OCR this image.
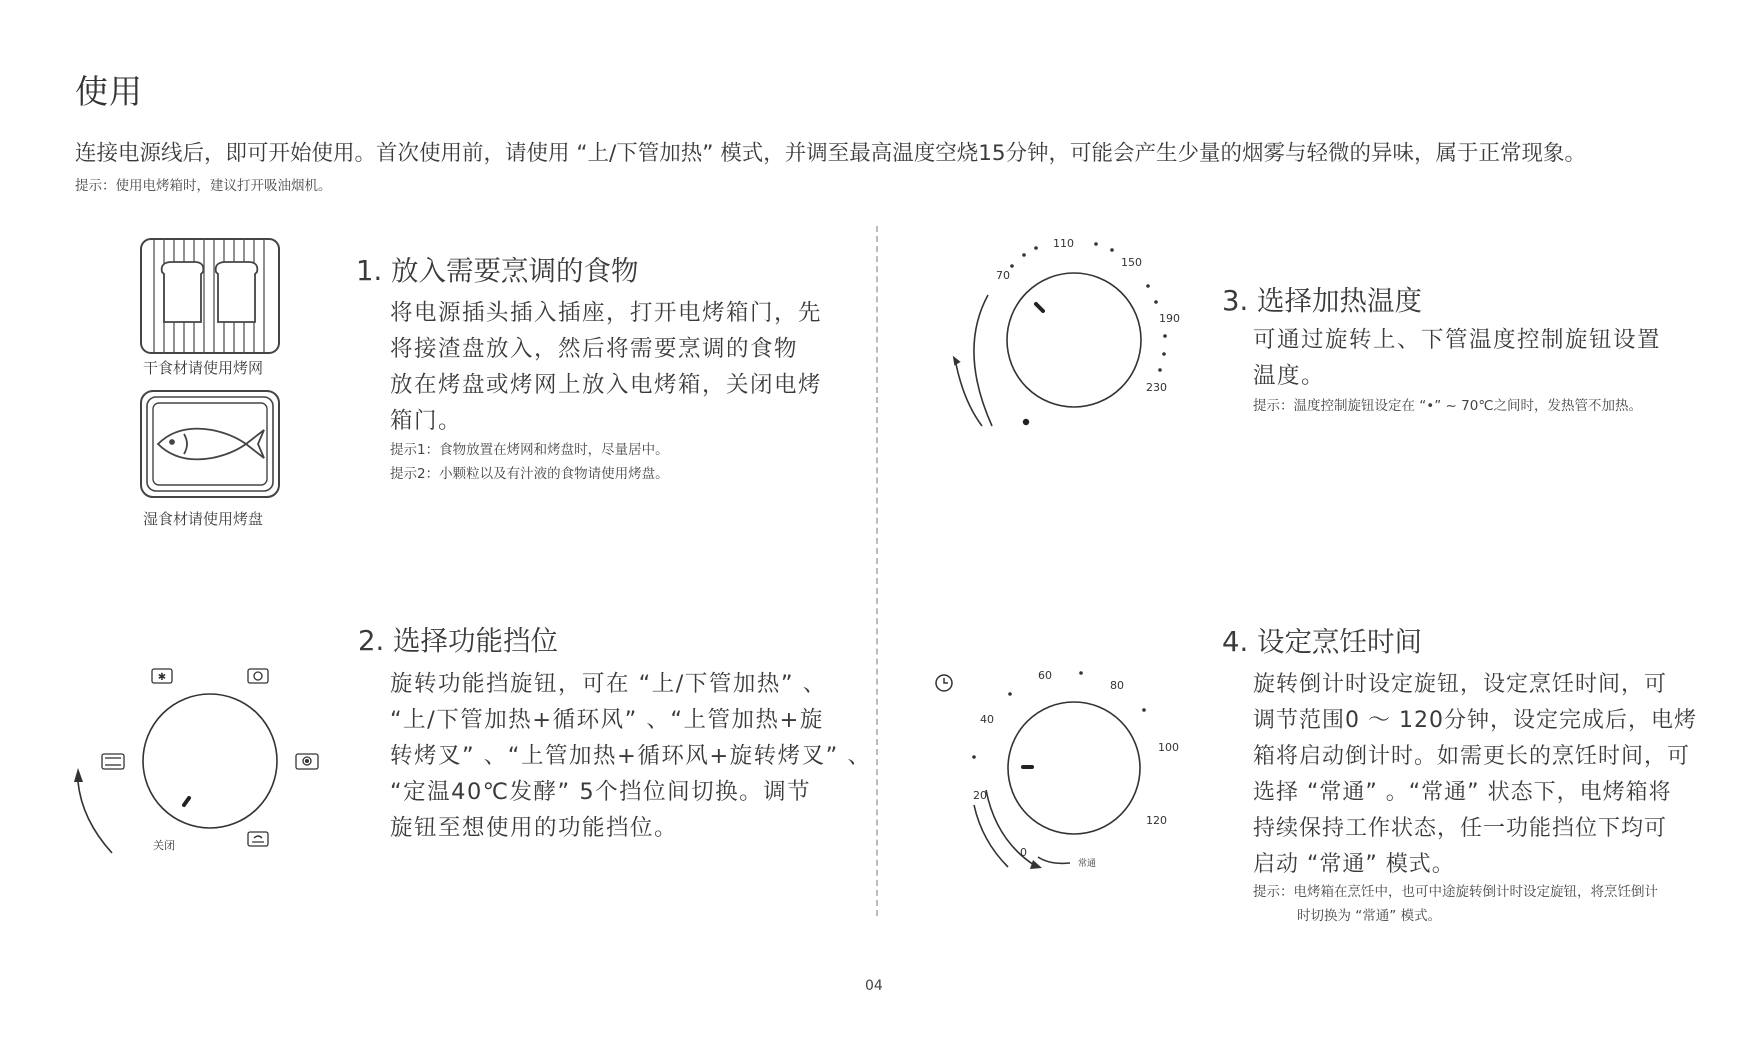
使用
连接电源线后，即可开始使用。首次使用前，请使用 “上/下管加热” 模式，并调至最高温度空烧15分钟，可能会产生少量的烟雾与轻微的异味，属于正常现象。
提示：使用电烤箱时，建议打开吸油烟机。
干食材请使用烤网
湿食材请使用烤盘
1. 放入需要烹调的食物
将电源插头插入插座，打开电烤箱门，先
将接渣盘放入，然后将需要烹调的食物
放在烤盘或烤网上放入电烤箱，关闭电烤
箱门。
提示1：食物放置在烤网和烤盘时，尽量居中。
提示2：小颗粒以及有汁液的食物请使用烤盘。
✱
关闭
2. 选择功能挡位
旋转功能挡旋钮，可在 “上/下管加热” 、
“上/下管加热+循环风” 、“上管加热+旋
转烤叉” 、“上管加热+循环风+旋转烤叉” 、
“定温40℃发酵” 5个挡位间切换。调节
旋钮至想使用的功能挡位。
70
110
150
190
230
3. 选择加热温度
可通过旋转上、下管温度控制旋钮设置
温度。
提示：温度控制旋钮设定在 “•” ~ 70℃之间时，发热管不加热。
0
20
40
60
80
100
120
常通
4. 设定烹饪时间
旋转倒计时设定旋钮，设定烹饪时间，可
调节范围0 ～ 120分钟，设定完成后，电烤
箱将启动倒计时。如需更长的烹饪时间，可
选择 “常通” 。“常通” 状态下，电烤箱将
持续保持工作状态，任一功能挡位下均可
启动 “常通” 模式。
提示：电烤箱在烹饪中，也可中途旋转倒计时设定旋钮，将烹饪倒计
时切换为 “常通” 模式。
04
